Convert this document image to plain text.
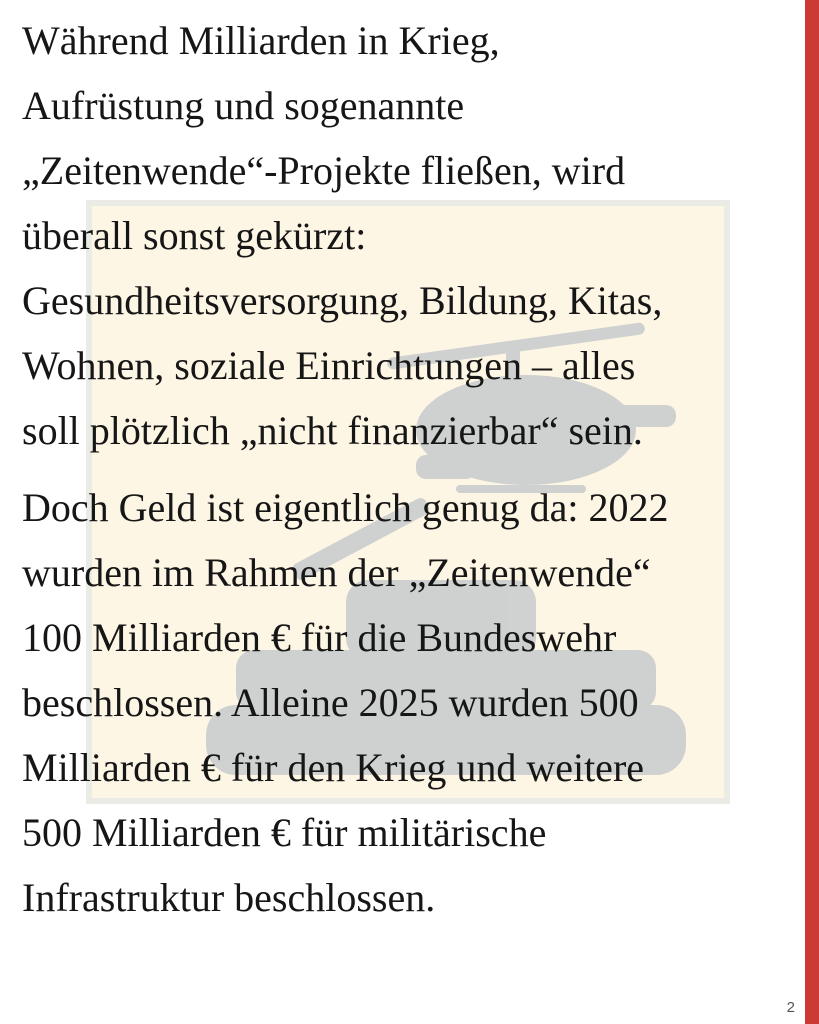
Während Milliarden in Krieg,
Aufrüstung und sogenannte
„Zeitenwende“-Projekte fließen, wird
überall sonst gekürzt:
Gesundheitsversorgung, Bildung, Kitas,
Wohnen, soziale Einrichtungen – alles
soll plötzlich „nicht finanzierbar“ sein.

Doch Geld ist eigentlich genug da: 2022
wurden im Rahmen der „Zeitenwende“
100 Milliarden € für die Bundeswehr
beschlossen. Alleine 2025 wurden 500
Milliarden € für den Krieg und weitere
500 Milliarden € für militärische
Infrastruktur beschlossen.

2
